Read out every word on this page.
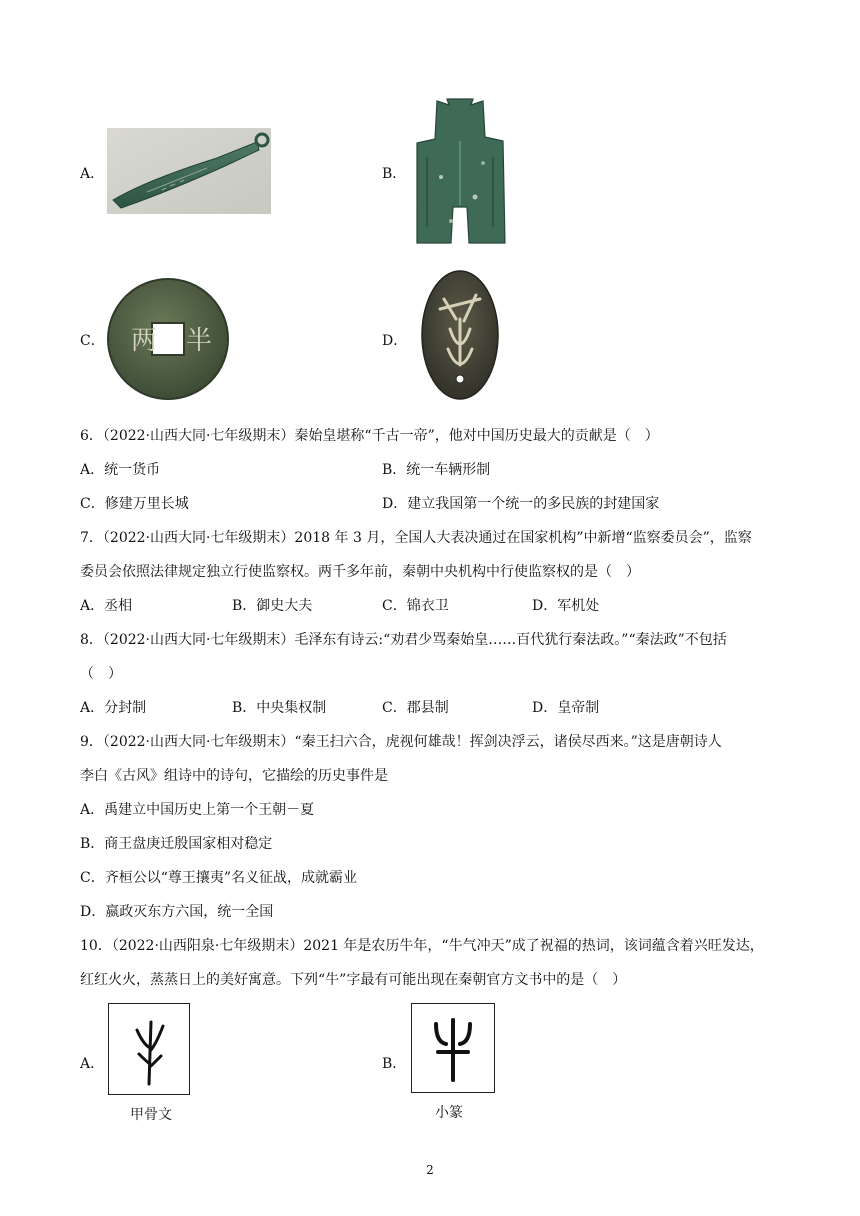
A．	B．
C． 两 半	D．
6．（2022·山西大同·七年级期末）秦始皇堪称“千古一帝”，他对中国历史最大的贡献是（　）
A．统一货币	B．统一车辆形制
C．修建万里长城	D．建立我国第一个统一的多民族的封建国家
7．（2022·山西大同·七年级期末）2018 年 3 月，全国人大表决通过在国家机构”中新增“监察委员会”，监察
委员会依照法律规定独立行使监察权。两千多年前，秦朝中央机构中行使监察权的是（　）
A．丞相	B．御史大夫	C．锦衣卫	D．军机处
8．（2022·山西大同·七年级期末）毛泽东有诗云:“劝君少骂秦始皇……百代犹行秦法政。”“秦法政”不包括
（　）
A．分封制	B．中央集权制	C．郡县制	D．皇帝制
9．（2022·山西大同·七年级期末）“秦王扫六合，虎视何雄哉！挥剑决浮云，诸侯尽西来。”这是唐朝诗人
李白《古风》组诗中的诗句，它描绘的历史事件是
A．禹建立中国历史上第一个王朝－夏
B．商王盘庚迁殷国家相对稳定
C．齐桓公以“尊王攘夷”名义征战，成就霸业
D．嬴政灭东方六国，统一全国
10．（2022·山西阳泉·七年级期末）2021 年是农历牛年，“牛气冲天”成了祝福的热词，该词蕴含着兴旺发达，
红红火火，蒸蒸日上的美好寓意。下列“牛”字最有可能出现在秦朝官方文书中的是（　）
A．
甲骨文
B．
小篆
2
